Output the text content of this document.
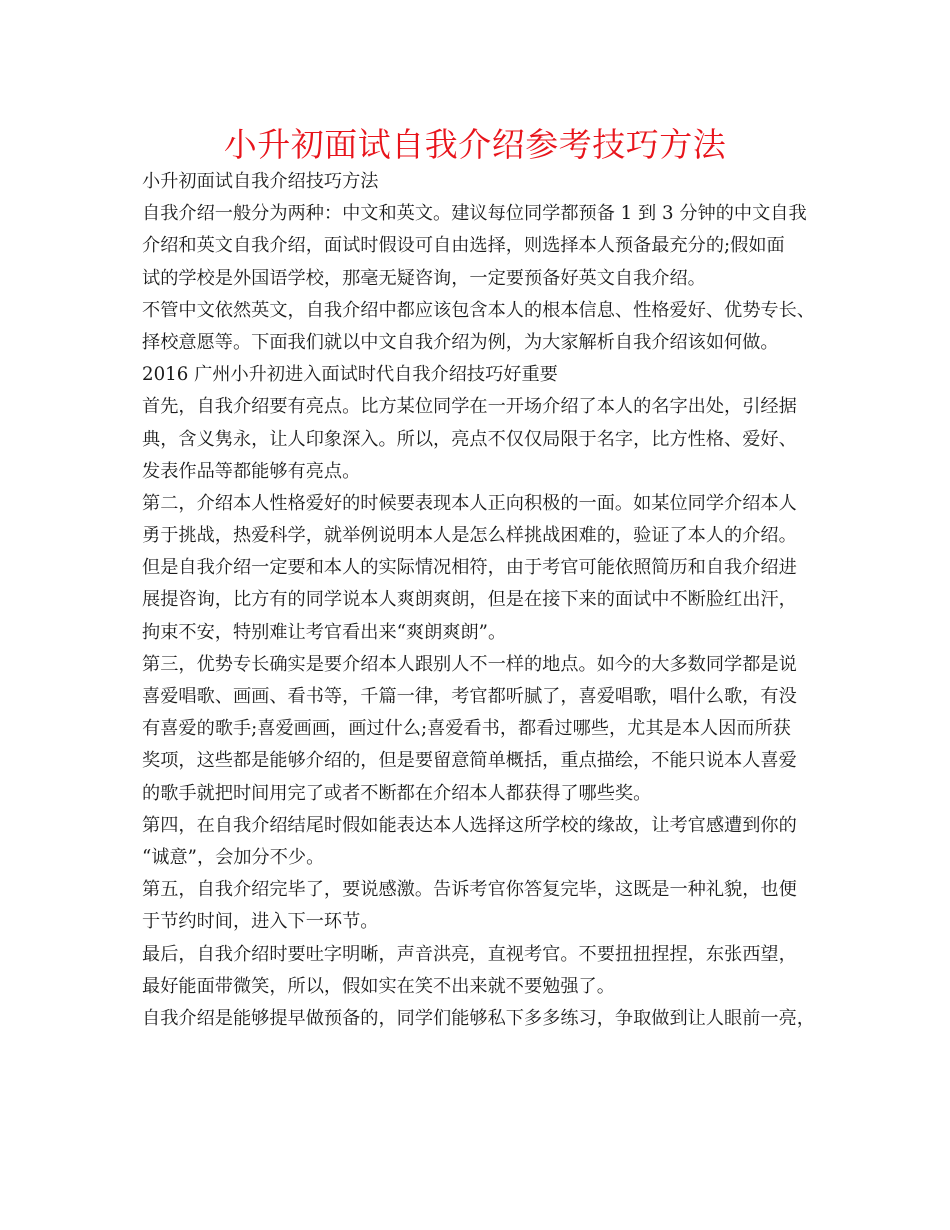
小升初面试自我介绍参考技巧方法
小升初面试自我介绍技巧方法
自我介绍一般分为两种：中文和英文。建议每位同学都预备 1 到 3 分钟的中文自我
介绍和英文自我介绍，面试时假设可自由选择，则选择本人预备最充分的;假如面
试的学校是外国语学校，那毫无疑咨询，一定要预备好英文自我介绍。
不管中文依然英文，自我介绍中都应该包含本人的根本信息、性格爱好、优势专长、
择校意愿等。下面我们就以中文自我介绍为例，为大家解析自我介绍该如何做。
2016 广州小升初进入面试时代自我介绍技巧好重要
首先，自我介绍要有亮点。比方某位同学在一开场介绍了本人的名字出处，引经据
典，含义隽永，让人印象深入。所以，亮点不仅仅局限于名字，比方性格、爱好、
发表作品等都能够有亮点。
第二，介绍本人性格爱好的时候要表现本人正向积极的一面。如某位同学介绍本人
勇于挑战，热爱科学，就举例说明本人是怎么样挑战困难的，验证了本人的介绍。
但是自我介绍一定要和本人的实际情况相符，由于考官可能依照简历和自我介绍进
展提咨询，比方有的同学说本人爽朗爽朗，但是在接下来的面试中不断脸红出汗，
拘束不安，特别难让考官看出来“爽朗爽朗”。
第三，优势专长确实是要介绍本人跟别人不一样的地点。如今的大多数同学都是说
喜爱唱歌、画画、看书等，千篇一律，考官都听腻了，喜爱唱歌，唱什么歌，有没
有喜爱的歌手;喜爱画画，画过什么;喜爱看书，都看过哪些，尤其是本人因而所获
奖项，这些都是能够介绍的，但是要留意简单概括，重点描绘，不能只说本人喜爱
的歌手就把时间用完了或者不断都在介绍本人都获得了哪些奖。
第四，在自我介绍结尾时假如能表达本人选择这所学校的缘故，让考官感遭到你的
“诚意”，会加分不少。
第五，自我介绍完毕了，要说感激。告诉考官你答复完毕，这既是一种礼貌，也便
于节约时间，进入下一环节。
最后，自我介绍时要吐字明晰，声音洪亮，直视考官。不要扭扭捏捏，东张西望，
最好能面带微笑，所以，假如实在笑不出来就不要勉强了。
自我介绍是能够提早做预备的，同学们能够私下多多练习，争取做到让人眼前一亮，
